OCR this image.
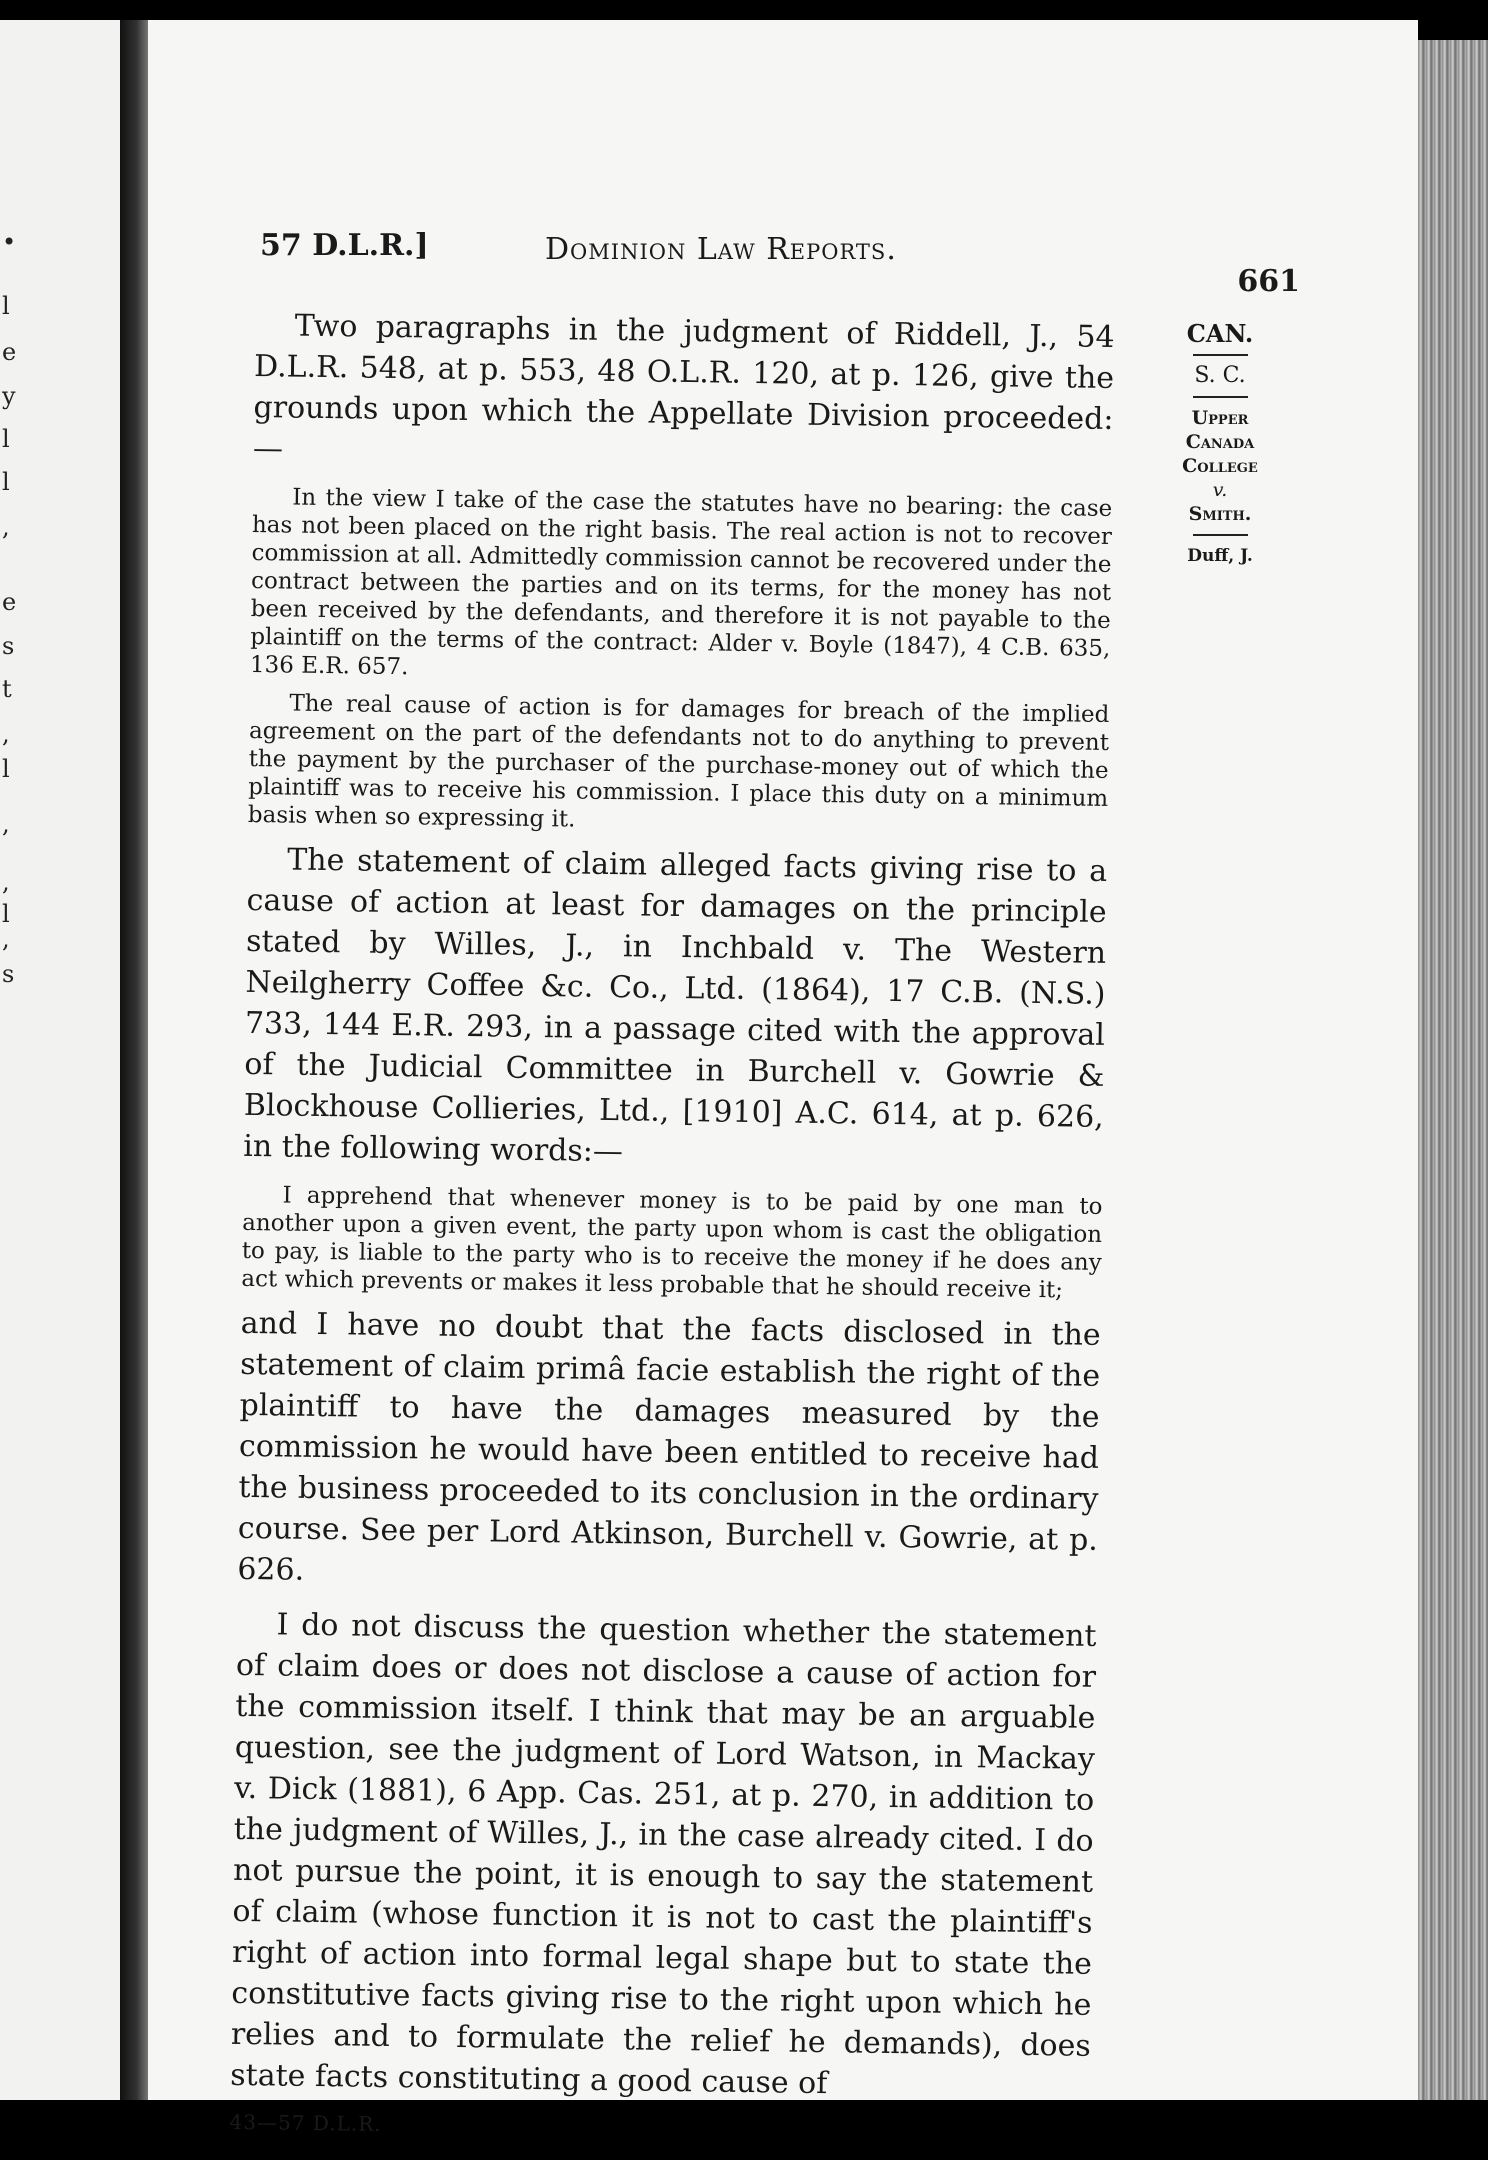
•
l
e
y
l
l
,
e
s
t
,
l
,
,
l
,
s
57 D.L.R.]	Dominion Law Reports.
661
CAN.
S. C.
Upper
Canada
College
v.
Smith.
Duff, J.

Two paragraphs in the judgment of Riddell, J., 54 D.L.R. 548, at p. 553, 48 O.L.R. 120, at p. 126, give the grounds upon which the Appellate Division proceeded:—

In the view I take of the case the statutes have no bearing: the case has not been placed on the right basis. The real action is not to recover commission at all. Admittedly commission cannot be recovered under the contract between the parties and on its terms, for the money has not been received by the defendants, and therefore it is not payable to the plaintiff on the terms of the contract: Alder v. Boyle (1847), 4 C.B. 635, 136 E.R. 657.

The real cause of action is for damages for breach of the implied agreement on the part of the defendants not to do anything to prevent the payment by the purchaser of the purchase-money out of which the plaintiff was to receive his commission. I place this duty on a minimum basis when so expressing it.

The statement of claim alleged facts giving rise to a cause of action at least for damages on the principle stated by Willes, J., in Inchbald v. The Western Neilgherry Coffee &c. Co., Ltd. (1864), 17 C.B. (N.S.) 733, 144 E.R. 293, in a passage cited with the approval of the Judicial Committee in Burchell v. Gowrie & Blockhouse Collieries, Ltd., [1910] A.C. 614, at p. 626, in the following words:—

I apprehend that whenever money is to be paid by one man to another upon a given event, the party upon whom is cast the obligation to pay, is liable to the party who is to receive the money if he does any act which prevents or makes it less probable that he should receive it;

and I have no doubt that the facts disclosed in the statement of claim primâ facie establish the right of the plaintiff to have the damages measured by the commission he would have been entitled to receive had the business proceeded to its conclusion in the ordinary course. See per Lord Atkinson, Burchell v. Gowrie, at p. 626.

I do not discuss the question whether the statement of claim does or does not disclose a cause of action for the commission itself. I think that may be an arguable question, see the judgment of Lord Watson, in Mackay v. Dick (1881), 6 App. Cas. 251, at p. 270, in addition to the judgment of Willes, J., in the case already cited. I do not pursue the point, it is enough to say the statement of claim (whose function it is not to cast the plaintiff's right of action into formal legal shape but to state the constitutive facts giving rise to the right upon which he relies and to formulate the relief he demands), does state facts constituting a good cause of

43—57 D.L.R.
